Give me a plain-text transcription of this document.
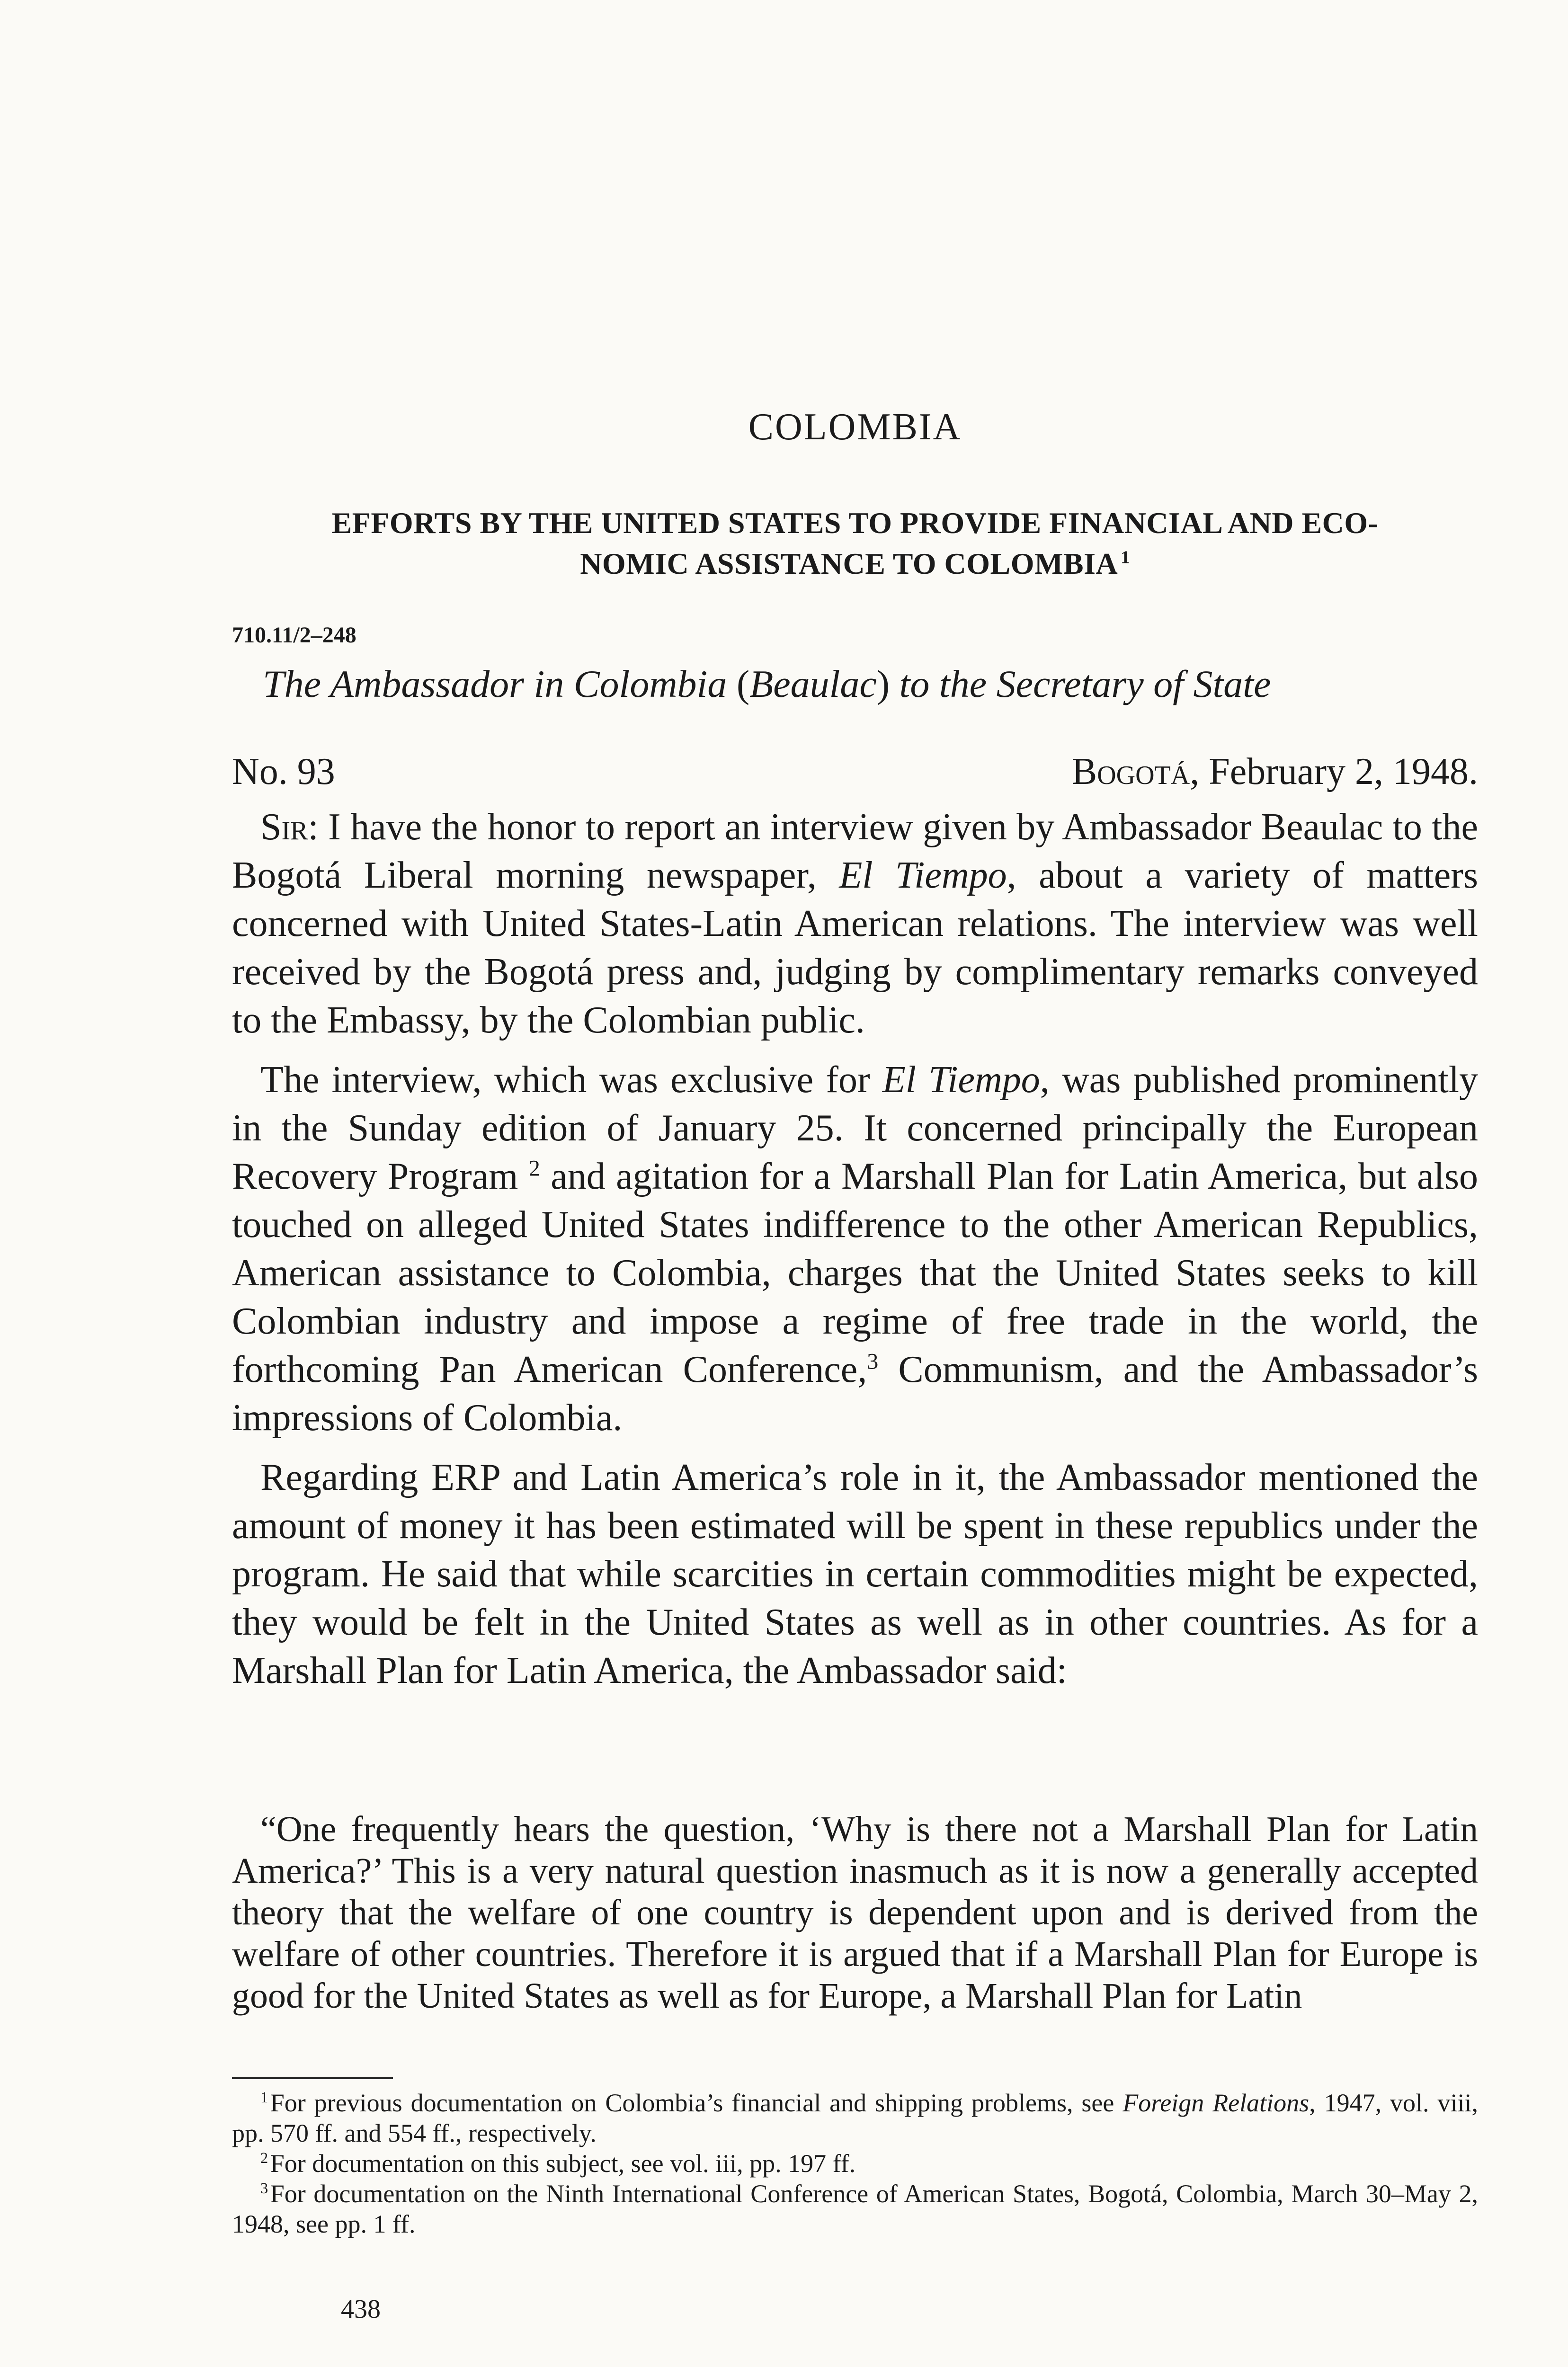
COLOMBIA
EFFORTS BY THE UNITED STATES TO PROVIDE FINANCIAL AND ECO-
NOMIC ASSISTANCE TO COLOMBIA  $^1$
710.11/2–248
The Ambassador in Colombia (Beaulac) to the Secretary of State
No. 93	Bogotá, February 2, 1948.

Sir: I have the honor to report an interview given by Ambassador Beaulac to the Bogotá Liberal morning newspaper, El Tiempo, about a variety of matters concerned with United States-Latin American relations. The interview was well received by the Bogotá press and, judging by complimentary remarks conveyed to the Embassy, by the Colombian public.

The interview, which was exclusive for El Tiempo, was published prominently in the Sunday edition of January 25. It concerned principally the European Recovery Program $^2$ and agitation for a Marshall Plan for Latin America, but also touched on alleged United States indifference to the other American Republics, American assistance to Colombia, charges that the United States seeks to kill Colombian industry and impose a regime of free trade in the world, the forthcoming Pan American Conference,$^3$ Communism, and the Ambassador’s impressions of Colombia.

Regarding ERP and Latin America’s role in it, the Ambassador mentioned the amount of money it has been estimated will be spent in these republics under the program. He said that while scarcities in certain commodities might be expected, they would be felt in the United States as well as in other countries. As for a Marshall Plan for Latin America, the Ambassador said:

“One frequently hears the question, ‘Why is there not a Marshall Plan for Latin America?’ This is a very natural question inasmuch as it is now a generally accepted theory that the welfare of one country is dependent upon and is derived from the welfare of other countries. Therefore it is argued that if a Marshall Plan for Europe is good for the United States as well as for Europe, a Marshall Plan for Latin

$^1$ For previous documentation on Colombia’s financial and shipping problems, see Foreign Relations, 1947, vol. viii, pp. 570 ff. and 554 ff., respectively.

$^2$ For documentation on this subject, see vol. iii, pp. 197 ff.

$^3$ For documentation on the Ninth International Conference of American States, Bogotá, Colombia, March 30–May 2, 1948, see pp. 1 ff.

438
